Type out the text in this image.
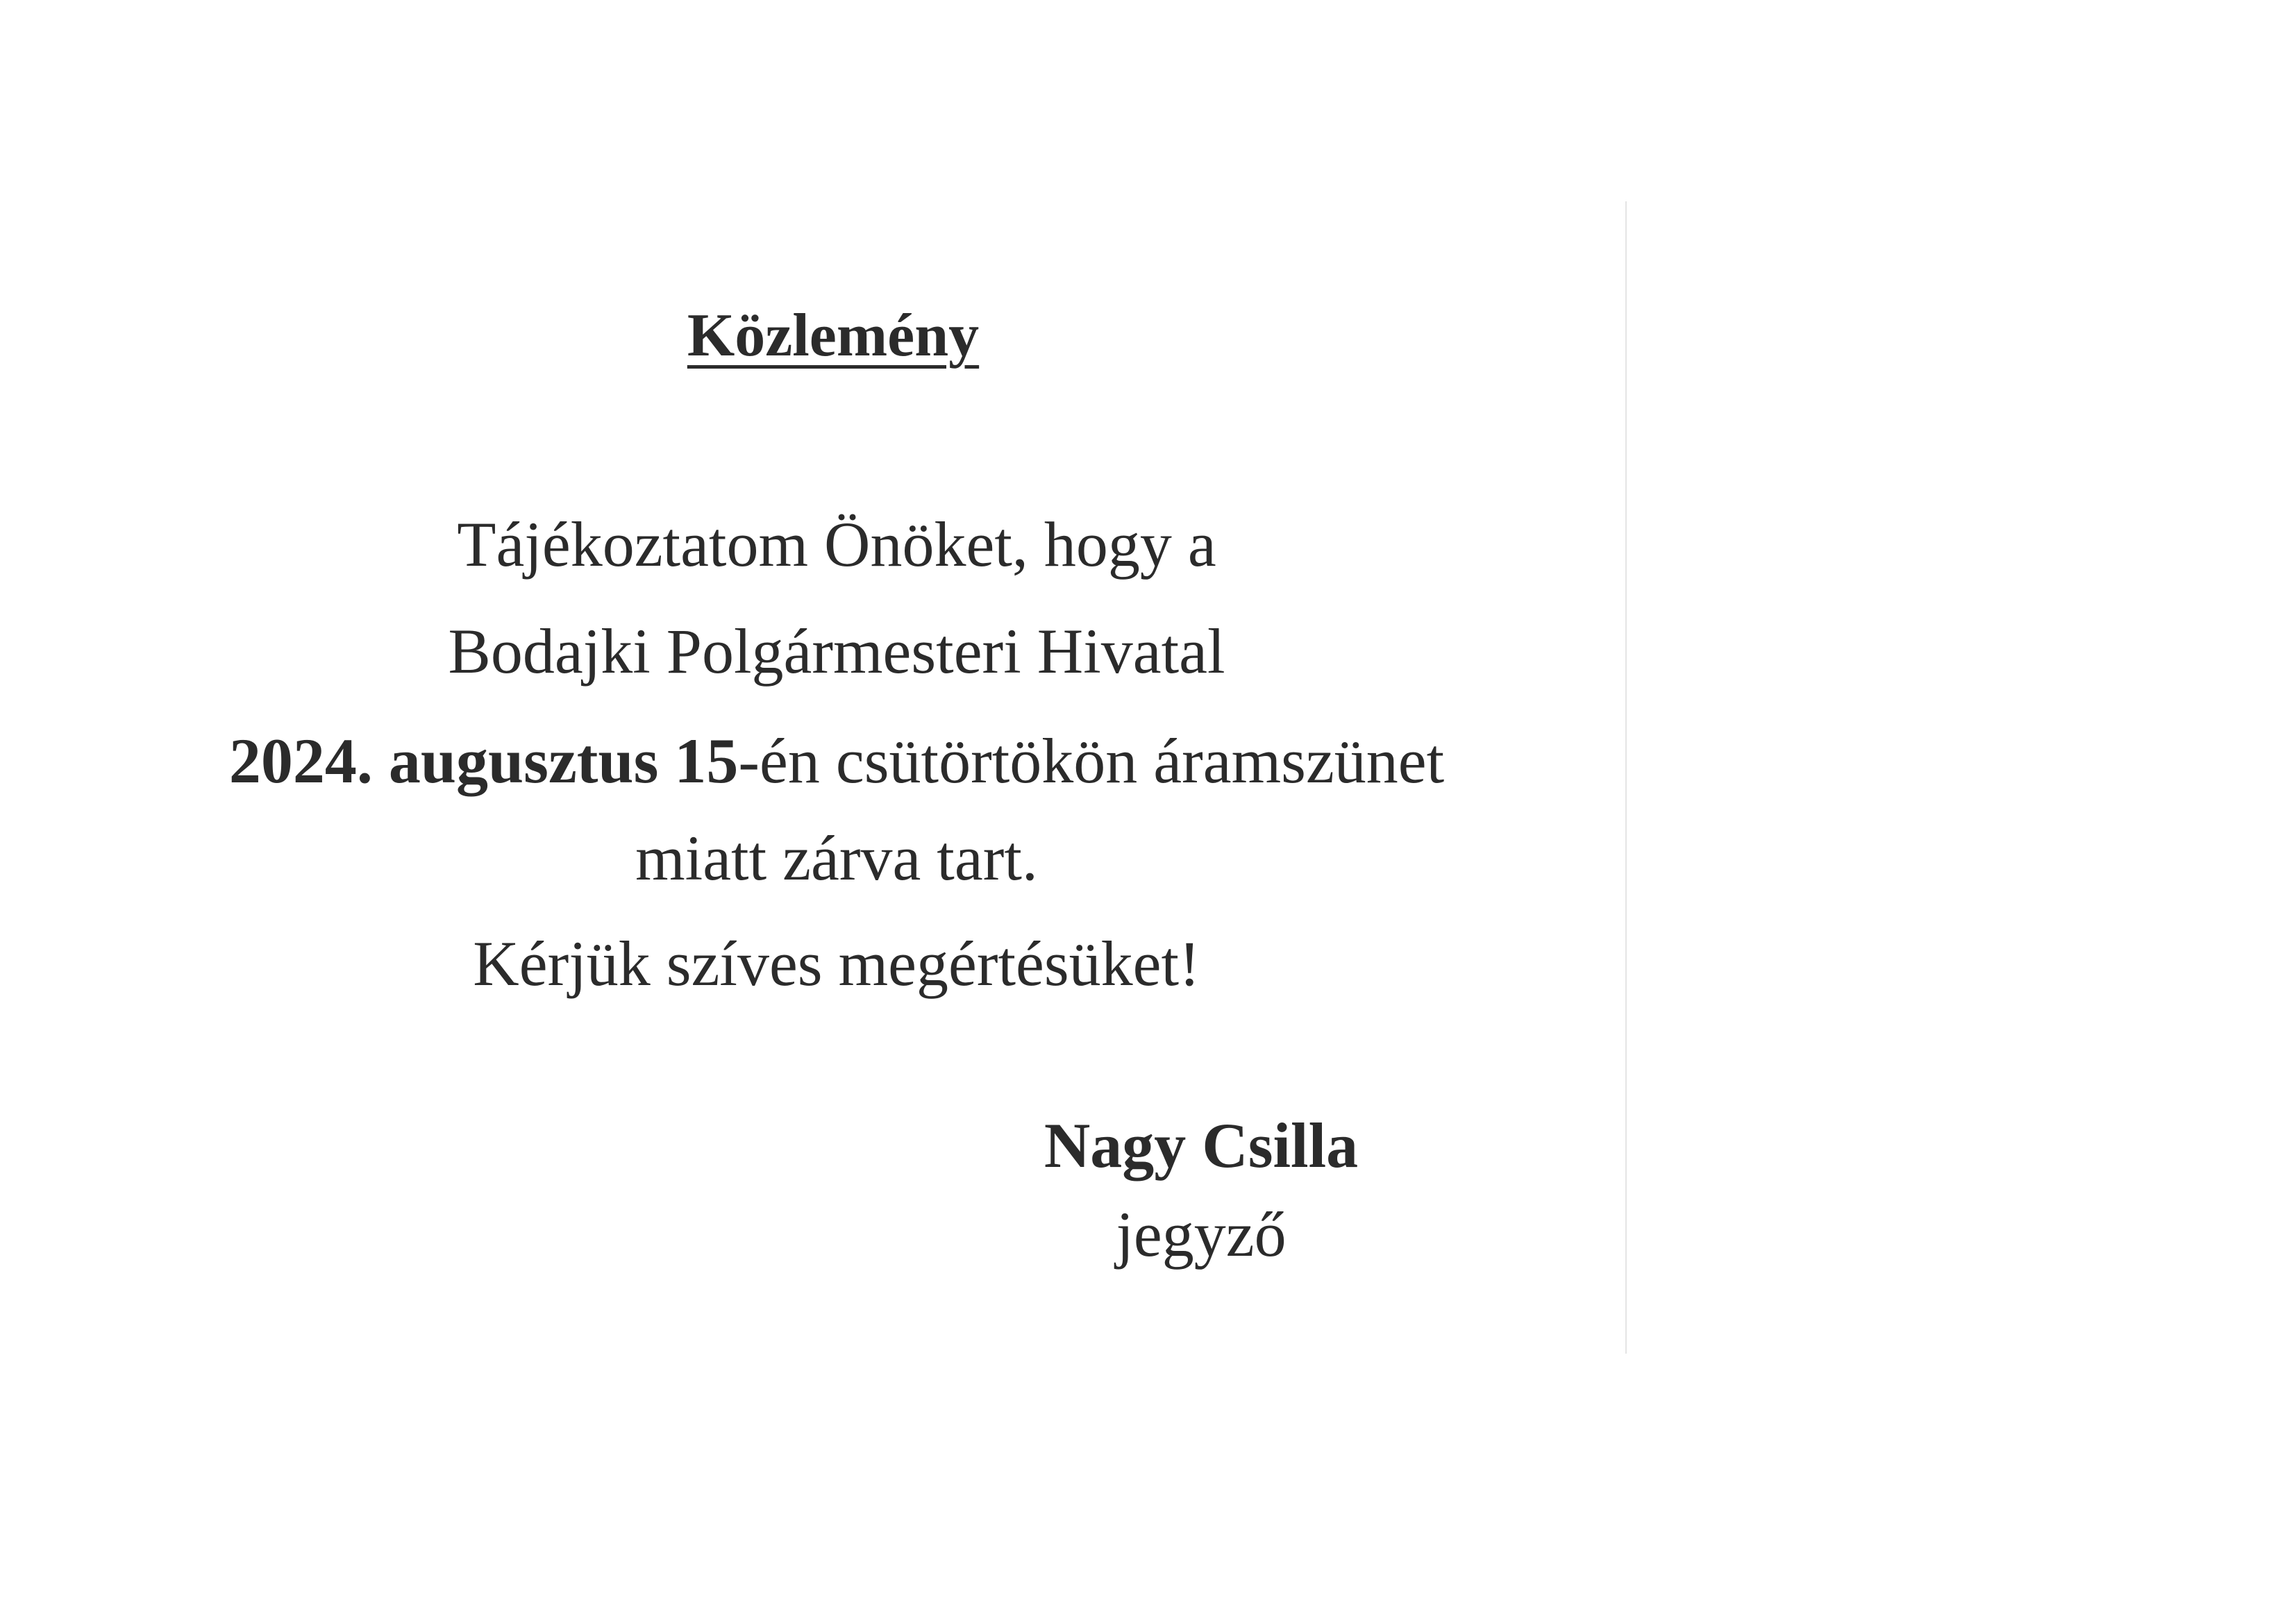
Közlemény
Tájékoztatom Önöket, hogy a
Bodajki Polgármesteri Hivatal
2024. augusztus 15-én csütörtökön áramszünet
miatt zárva tart.
Kérjük szíves megértésüket!
Nagy Csilla
jegyző
